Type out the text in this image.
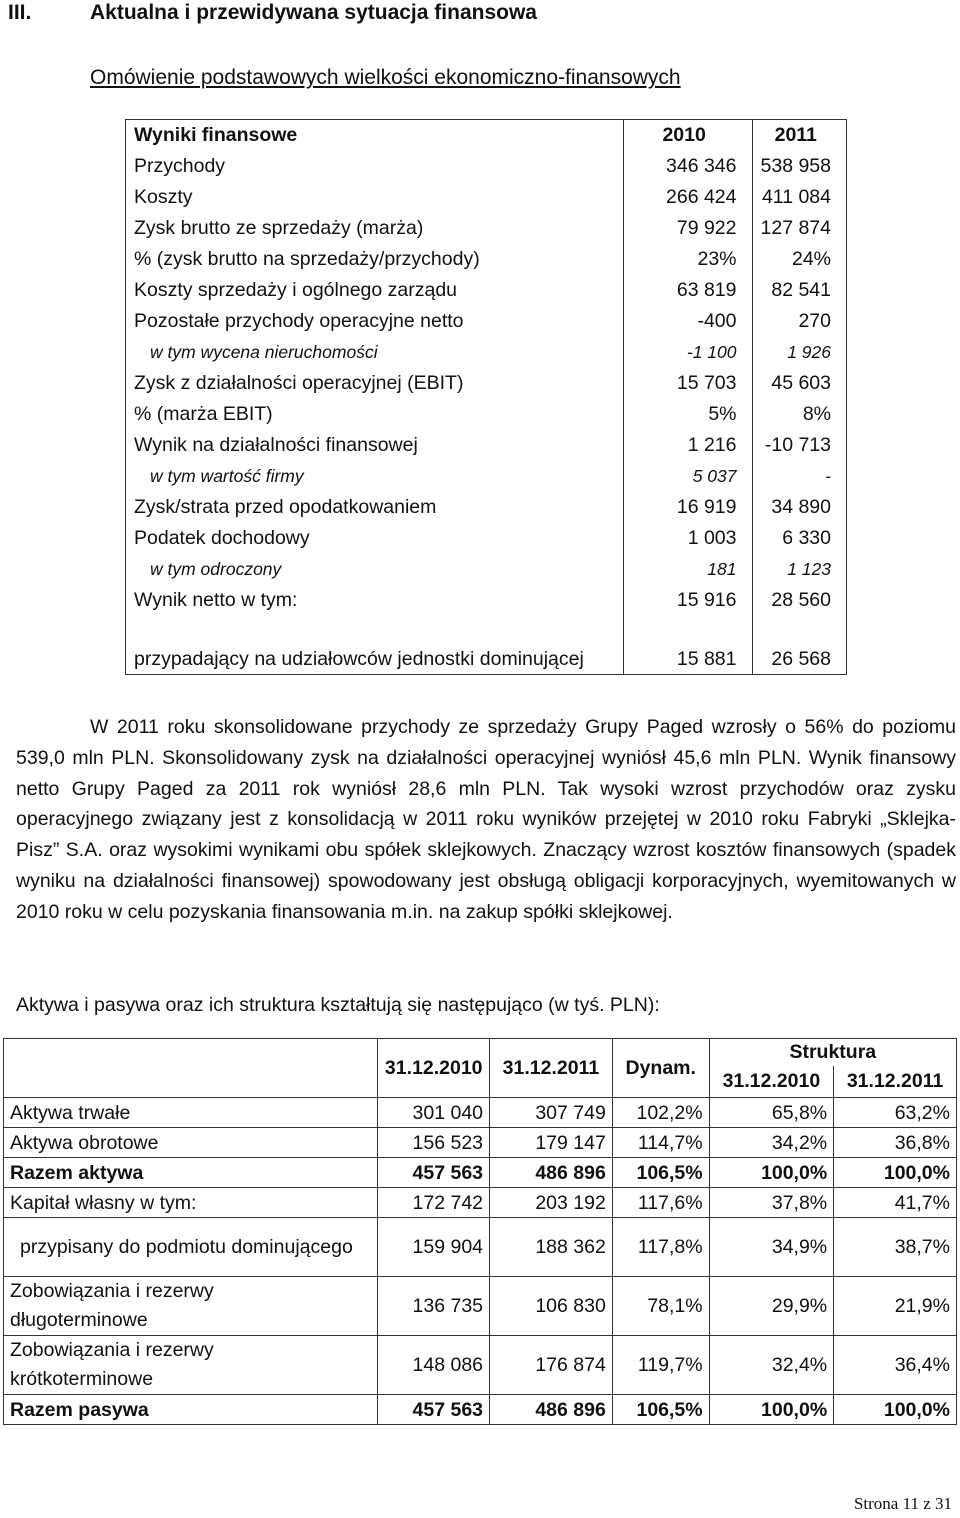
III.	Aktualna i przewidywana sytuacja finansowa
Omówienie podstawowych wielkości ekonomiczno-finansowych
Wyniki finansowe	2010	2011
Przychody	346 346	538 958
Koszty	266 424	411 084
Zysk brutto ze sprzedaży (marża)	79 922	127 874
% (zysk brutto na sprzedaży/przychody)	23%	24%
Koszty sprzedaży i ogólnego zarządu	63 819	82 541
Pozostałe przychody operacyjne netto	-400	270
w tym wycena nieruchomości	-1 100	1 926
Zysk z działalności operacyjnej (EBIT)	15 703	45 603
% (marża EBIT)	5%	8%
Wynik na działalności finansowej	1 216	-10 713
w tym wartość firmy	5 037	-
Zysk/strata przed opodatkowaniem	16 919	34 890
Podatek dochodowy	1 003	6 330
w tym odroczony	181	1 123
Wynik netto w tym:	15 916	28 560
przypadający na udziałowców jednostki dominującej	15 881	26 568
W 2011 roku skonsolidowane przychody ze sprzedaży Grupy Paged wzrosły o 56% do poziomu 539,0 mln PLN. Skonsolidowany zysk na działalności operacyjnej wyniósł 45,6 mln PLN. Wynik finansowy netto Grupy Paged za 2011 rok wyniósł 28,6 mln PLN. Tak wysoki wzrost przychodów oraz zysku operacyjnego związany jest z konsolidacją w 2011 roku wyników przejętej w 2010 roku Fabryki „Sklejka-Pisz” S.A. oraz wysokimi wynikami obu spółek sklejkowych. Znaczący wzrost kosztów finansowych (spadek wyniku na działalności finansowej) spowodowany jest obsługą obligacji korporacyjnych, wyemitowanych w 2010 roku w celu pozyskania finansowania m.in. na zakup spółki sklejkowej.
Aktywa i pasywa oraz ich struktura kształtują się następująco (w tyś. PLN):
	31.12.2010	31.12.2011	Dynam.	Struktura	
				31.12.2010	31.12.2011
Aktywa trwałe	301 040	307 749	102,2%	65,8%	63,2%
Aktywa obrotowe	156 523	179 147	114,7%	34,2%	36,8%
Razem aktywa	457 563	486 896	106,5%	100,0%	100,0%
Kapitał własny w tym:	172 742	203 192	117,6%	37,8%	41,7%
przypisany do podmiotu dominującego	159 904	188 362	117,8%	34,9%	38,7%
Zobowiązania i rezerwy długoterminowe	136 735	106 830	78,1%	29,9%	21,9%
Zobowiązania i rezerwy krótkoterminowe	148 086	176 874	119,7%	32,4%	36,4%
Razem pasywa	457 563	486 896	106,5%	100,0%	100,0%
Strona 11 z 31
